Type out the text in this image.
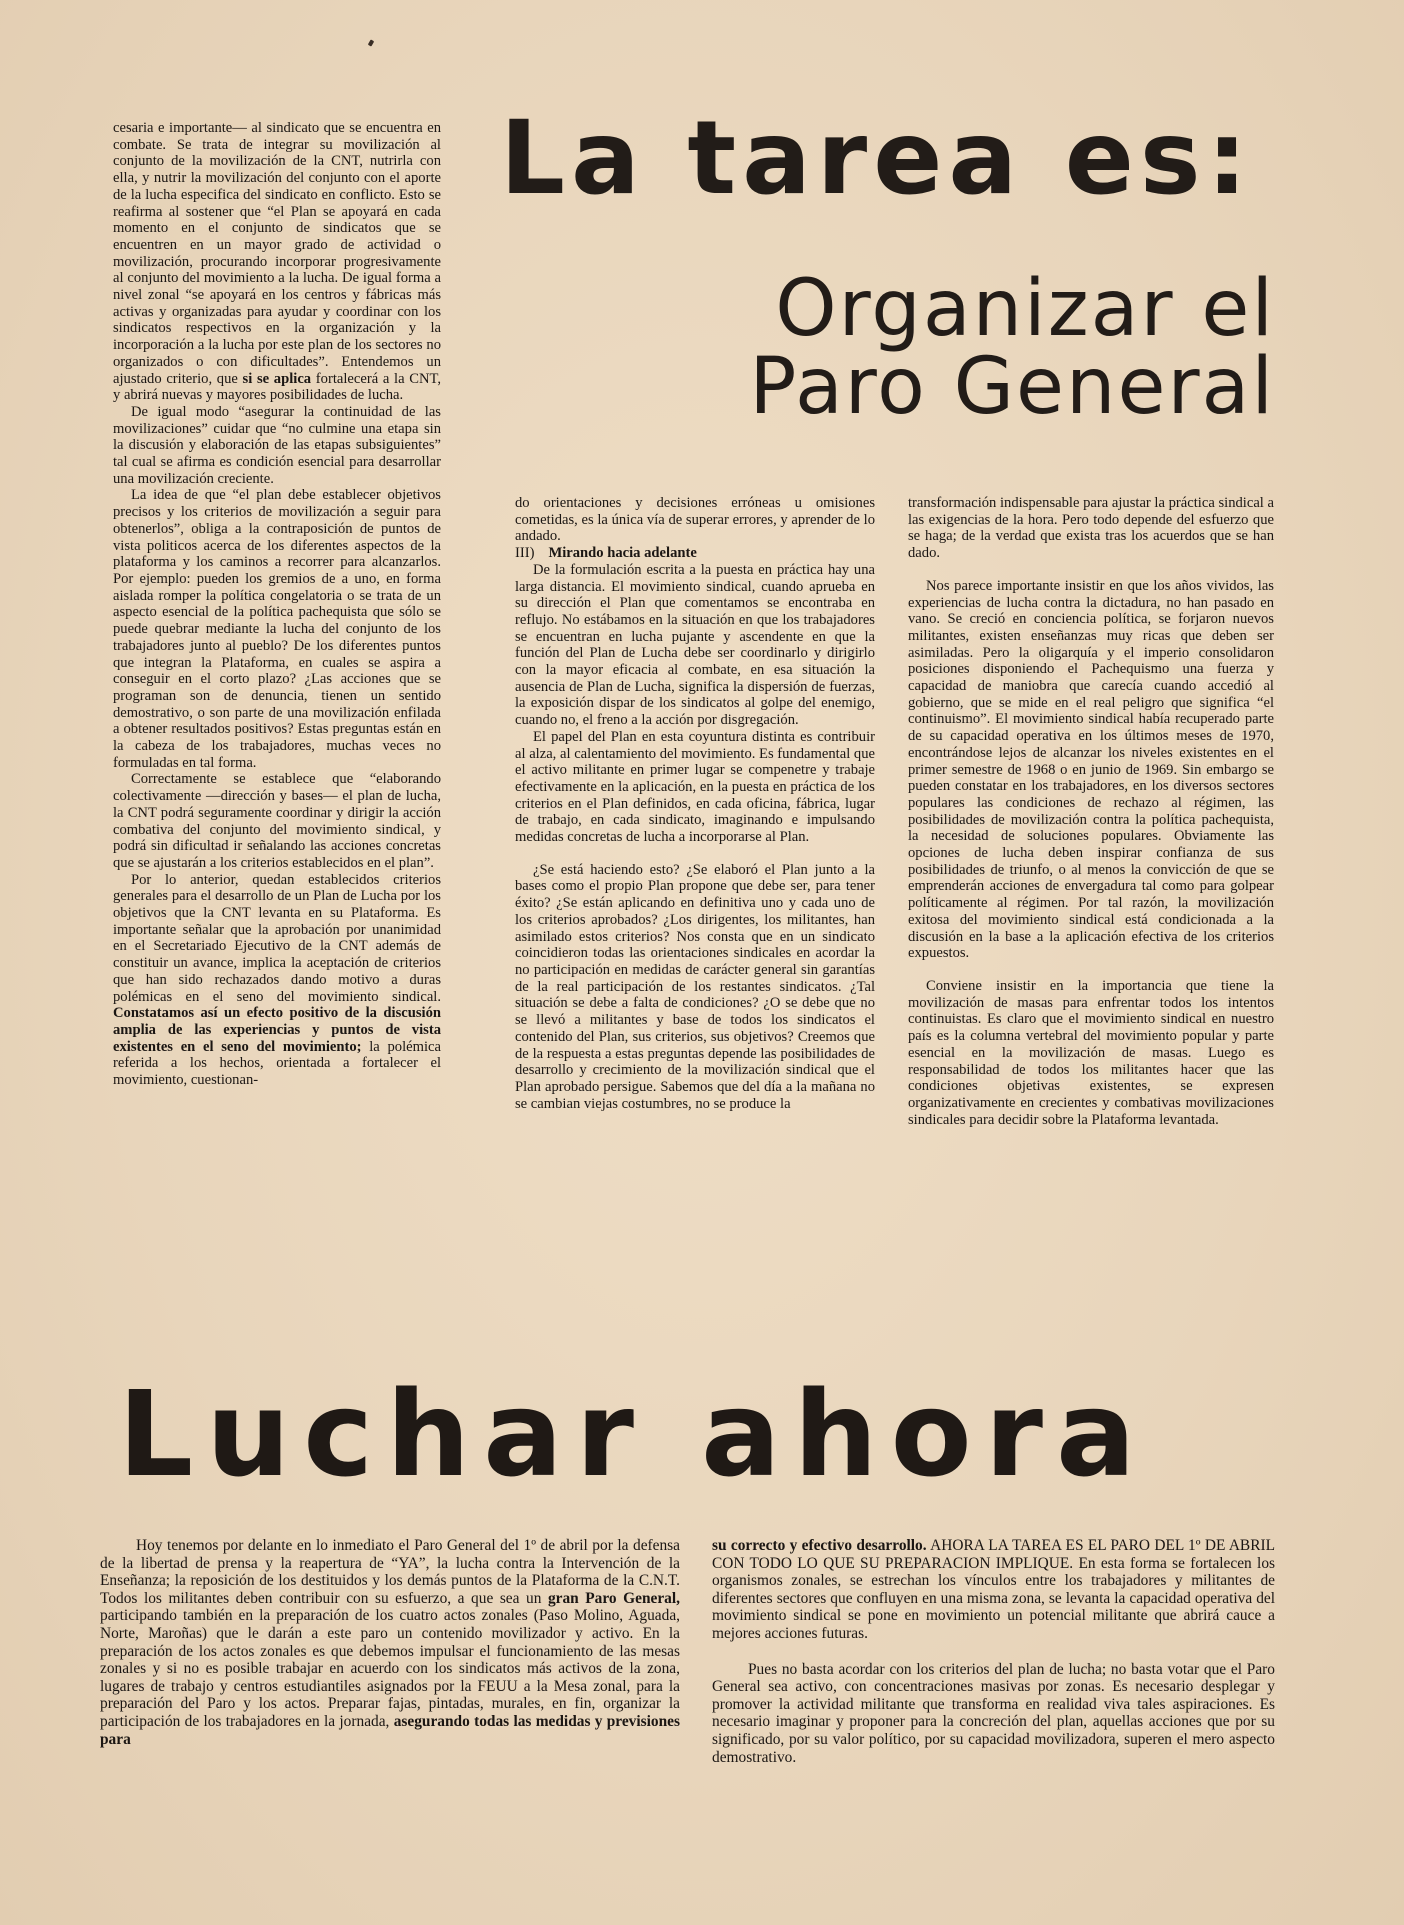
La tarea es:
Organizar el
Paro General

cesaria e importante— al sindicato que se encuentra en combate. Se trata de integrar su movilización al conjunto de la movilización de la CNT, nutrirla con ella, y nutrir la movilización del conjunto con el aporte de la lucha especifica del sindicato en conflicto. Esto se reafirma al sostener que “el Plan se apoyará en cada momento en el conjunto de sindicatos que se encuentren en un mayor grado de actividad o movilización, procurando incorporar progresivamente al conjunto del movimiento a la lucha. De igual forma a nivel zonal “se apoyará en los centros y fábricas más activas y organizadas para ayudar y coordinar con los sindicatos respectivos en la organización y la incorporación a la lucha por este plan de los sectores no organizados o con dificultades”. Entendemos un ajustado criterio, que si se aplica fortalecerá a la CNT, y abrirá nuevas y mayores posibilidades de lucha.

De igual modo “asegurar la continuidad de las movilizaciones” cuidar que “no culmine una etapa sin la discusión y elaboración de las etapas subsiguientes” tal cual se afirma es condición esencial para desarrollar una movilización creciente.

La idea de que “el plan debe establecer objetivos precisos y los criterios de movilización a seguir para obtenerlos”, obliga a la contraposición de puntos de vista politicos acerca de los diferentes aspectos de la plataforma y los caminos a recorrer para alcanzarlos. Por ejemplo: pueden los gremios de a uno, en forma aislada romper la política congelatoria o se trata de un aspecto esencial de la política pachequista que sólo se puede quebrar mediante la lucha del conjunto de los trabajadores junto al pueblo? De los diferentes puntos que integran la Plataforma, en cuales se aspira a conseguir en el corto plazo? ¿Las acciones que se programan son de denuncia, tienen un sentido demostrativo, o son parte de una movilización enfilada a obtener resultados positivos? Estas preguntas están en la cabeza de los trabajadores, muchas veces no formuladas en tal forma.

Correctamente se establece que “elaborando colectivamente —dirección y bases— el plan de lucha, la CNT podrá seguramente coordinar y dirigir la acción combativa del conjunto del movimiento sindical, y podrá sin dificultad ir señalando las acciones concretas que se ajustarán a los criterios establecidos en el plan”.

Por lo anterior, quedan establecidos criterios generales para el desarrollo de un Plan de Lucha por los objetivos que la CNT levanta en su Plataforma. Es importante señalar que la aprobación por unanimidad en el Secretariado Ejecutivo de la CNT además de constituir un avance, implica la aceptación de criterios que han sido rechazados dando motivo a duras polémicas en el seno del movimiento sindical. Constatamos así un efecto positivo de la discusión amplia de las experiencias y puntos de vista existentes en el seno del movimiento; la polémica referida a los hechos, orientada a fortalecer el movimiento, cuestionan-

do orientaciones y decisiones erróneas u omisiones cometidas, es la única vía de superar errores, y aprender de lo andado.

III) Mirando hacia adelante

De la formulación escrita a la puesta en práctica hay una larga distancia. El movimiento sindical, cuando aprueba en su dirección el Plan que comentamos se encontraba en reflujo. No estábamos en la situación en que los trabajadores se encuentran en lucha pujante y ascendente en que la función del Plan de Lucha debe ser coordinarlo y dirigirlo con la mayor eficacia al combate, en esa situación la ausencia de Plan de Lucha, significa la dispersión de fuerzas, la exposición dispar de los sindicatos al golpe del enemigo, cuando no, el freno a la acción por disgregación.

El papel del Plan en esta coyuntura distinta es contribuir al alza, al calentamiento del movimiento. Es fundamental que el activo militante en primer lugar se compenetre y trabaje efectivamente en la aplicación, en la puesta en práctica de los criterios en el Plan definidos, en cada oficina, fábrica, lugar de trabajo, en cada sindicato, imaginando e impulsando medidas concretas de lucha a incorporarse al Plan.

¿Se está haciendo esto? ¿Se elaboró el Plan junto a la bases como el propio Plan propone que debe ser, para tener éxito? ¿Se están aplicando en definitiva uno y cada uno de los criterios aprobados? ¿Los dirigentes, los militantes, han asimilado estos criterios? Nos consta que en un sindicato coincidieron todas las orientaciones sindicales en acordar la no participación en medidas de carácter general sin garantías de la real participación de los restantes sindicatos. ¿Tal situación se debe a falta de condiciones? ¿O se debe que no se llevó a militantes y base de todos los sindicatos el contenido del Plan, sus criterios, sus objetivos? Creemos que de la respuesta a estas preguntas depende las posibilidades de desarrollo y crecimiento de la movilización sindical que el Plan aprobado persigue. Sabemos que del día a la mañana no se cambian viejas costumbres, no se produce la

transformación indispensable para ajustar la práctica sindical a las exigencias de la hora. Pero todo depende del esfuerzo que se haga; de la verdad que exista tras los acuerdos que se han dado.

Nos parece importante insistir en que los años vividos, las experiencias de lucha contra la dictadura, no han pasado en vano. Se creció en conciencia política, se forjaron nuevos militantes, existen enseñanzas muy ricas que deben ser asimiladas. Pero la oligarquía y el imperio consolidaron posiciones disponiendo el Pachequismo una fuerza y capacidad de maniobra que carecía cuando accedió al gobierno, que se mide en el real peligro que significa “el continuismo”. El movimiento sindical había recuperado parte de su capacidad operativa en los últimos meses de 1970, encontrándose lejos de alcanzar los niveles existentes en el primer semestre de 1968 o en junio de 1969. Sin embargo se pueden constatar en los trabajadores, en los diversos sectores populares las condiciones de rechazo al régimen, las posibilidades de movilización contra la política pachequista, la necesidad de soluciones populares. Obviamente las opciones de lucha deben inspirar confianza de sus posibilidades de triunfo, o al menos la convicción de que se emprenderán acciones de envergadura tal como para golpear políticamente al régimen. Por tal razón, la movilización exitosa del movimiento sindical está condicionada a la discusión en la base a la aplicación efectiva de los criterios expuestos.

Conviene insistir en la importancia que tiene la movilización de masas para enfrentar todos los intentos continuistas. Es claro que el movimiento sindical en nuestro país es la columna vertebral del movimiento popular y parte esencial en la movilización de masas. Luego es responsabilidad de todos los militantes hacer que las condiciones objetivas existentes, se expresen organizativamente en crecientes y combativas movilizaciones sindicales para decidir sobre la Plataforma levantada.

Luchar ahora

Hoy tenemos por delante en lo inmediato el Paro General del 1º de abril por la defensa de la libertad de prensa y la reapertura de “YA”, la lucha contra la Intervención de la Enseñanza; la reposición de los destituidos y los demás puntos de la Plataforma de la C.N.T. Todos los militantes deben contribuir con su esfuerzo, a que sea un gran Paro General, participando también en la preparación de los cuatro actos zonales (Paso Molino, Aguada, Norte, Maroñas) que le darán a este paro un contenido movilizador y activo. En la preparación de los actos zonales es que debemos impulsar el funcionamiento de las mesas zonales y si no es posible trabajar en acuerdo con los sindicatos más activos de la zona, lugares de trabajo y centros estudiantiles asignados por la FEUU a la Mesa zonal, para la preparación del Paro y los actos. Preparar fajas, pintadas, murales, en fin, organizar la participación de los trabajadores en la jornada, asegurando todas las medidas y previsiones para

su correcto y efectivo desarrollo. AHORA LA TAREA ES EL PARO DEL 1º DE ABRIL CON TODO LO QUE SU PREPARACION IMPLIQUE. En esta forma se fortalecen los organismos zonales, se estrechan los vínculos entre los trabajadores y militantes de diferentes sectores que confluyen en una misma zona, se levanta la capacidad operativa del movimiento sindical se pone en movimiento un potencial militante que abrirá cauce a mejores acciones futuras.

Pues no basta acordar con los criterios del plan de lucha; no basta votar que el Paro General sea activo, con concentraciones masivas por zonas. Es necesario desplegar y promover la actividad militante que transforma en realidad viva tales aspiraciones. Es necesario imaginar y proponer para la concreción del plan, aquellas acciones que por su significado, por su valor político, por su capacidad movilizadora, superen el mero aspecto demostrativo.
